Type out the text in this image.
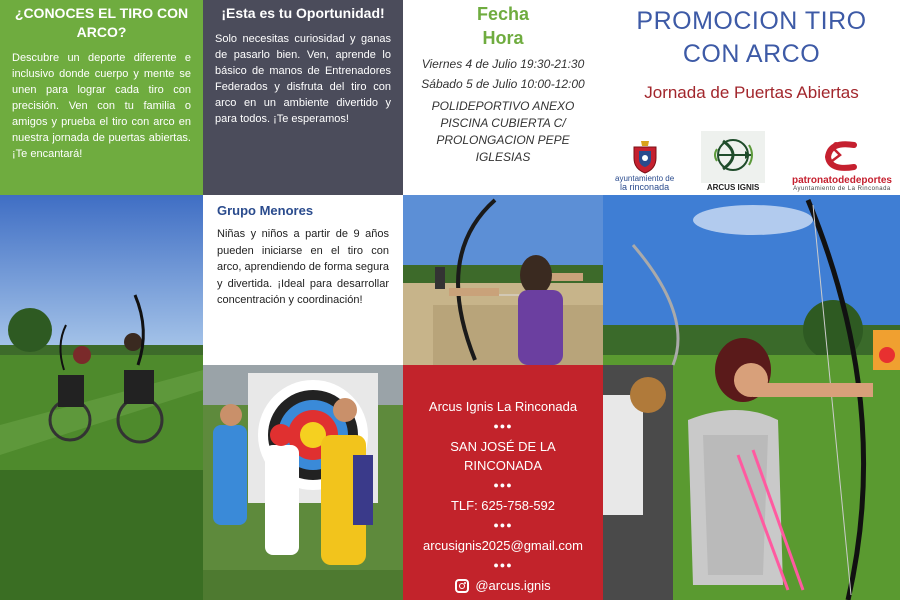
¿CONOCES EL TIRO CON ARCO?
Descubre un deporte diferente e inclusivo donde cuerpo y mente se unen para lograr cada tiro con precisión. Ven con tu familia o amigos y prueba el tiro con arco en nuestra jornada de puertas abiertas. ¡Te encantará!
¡Esta es tu Oportunidad!
Solo necesitas curiosidad y ganas de pasarlo bien. Ven, aprende lo básico de manos de Entrenadores Federados y disfruta del tiro con arco en un ambiente divertido y para todos. ¡Te esperamos!
Fecha
Hora
Viernes 4 de Julio 19:30-21:30
Sábado 5 de Julio 10:00-12:00
POLIDEPORTIVO ANEXO PISCINA CUBIERTA C/ PROLONGACION PEPE IGLESIAS
PROMOCION TIRO CON ARCO
Jornada de Puertas Abiertas
ayuntamiento de
la rinconada	ARCUS IGNIS
patronatodedeportes
Ayuntamiento de La Rinconada
Grupo Menores
Niñas y niños a partir de 9 años pueden iniciarse en el tiro con arco, aprendiendo de forma segura y divertida. ¡Ideal para desarrollar concentración y coordinación!
Arcus Ignis La Rinconada
●●●
SAN JOSÉ DE LA RINCONADA
●●●
TLF: 625-758-592
●●●
arcusignis2025@gmail.com
●●●
@arcus.ignis
